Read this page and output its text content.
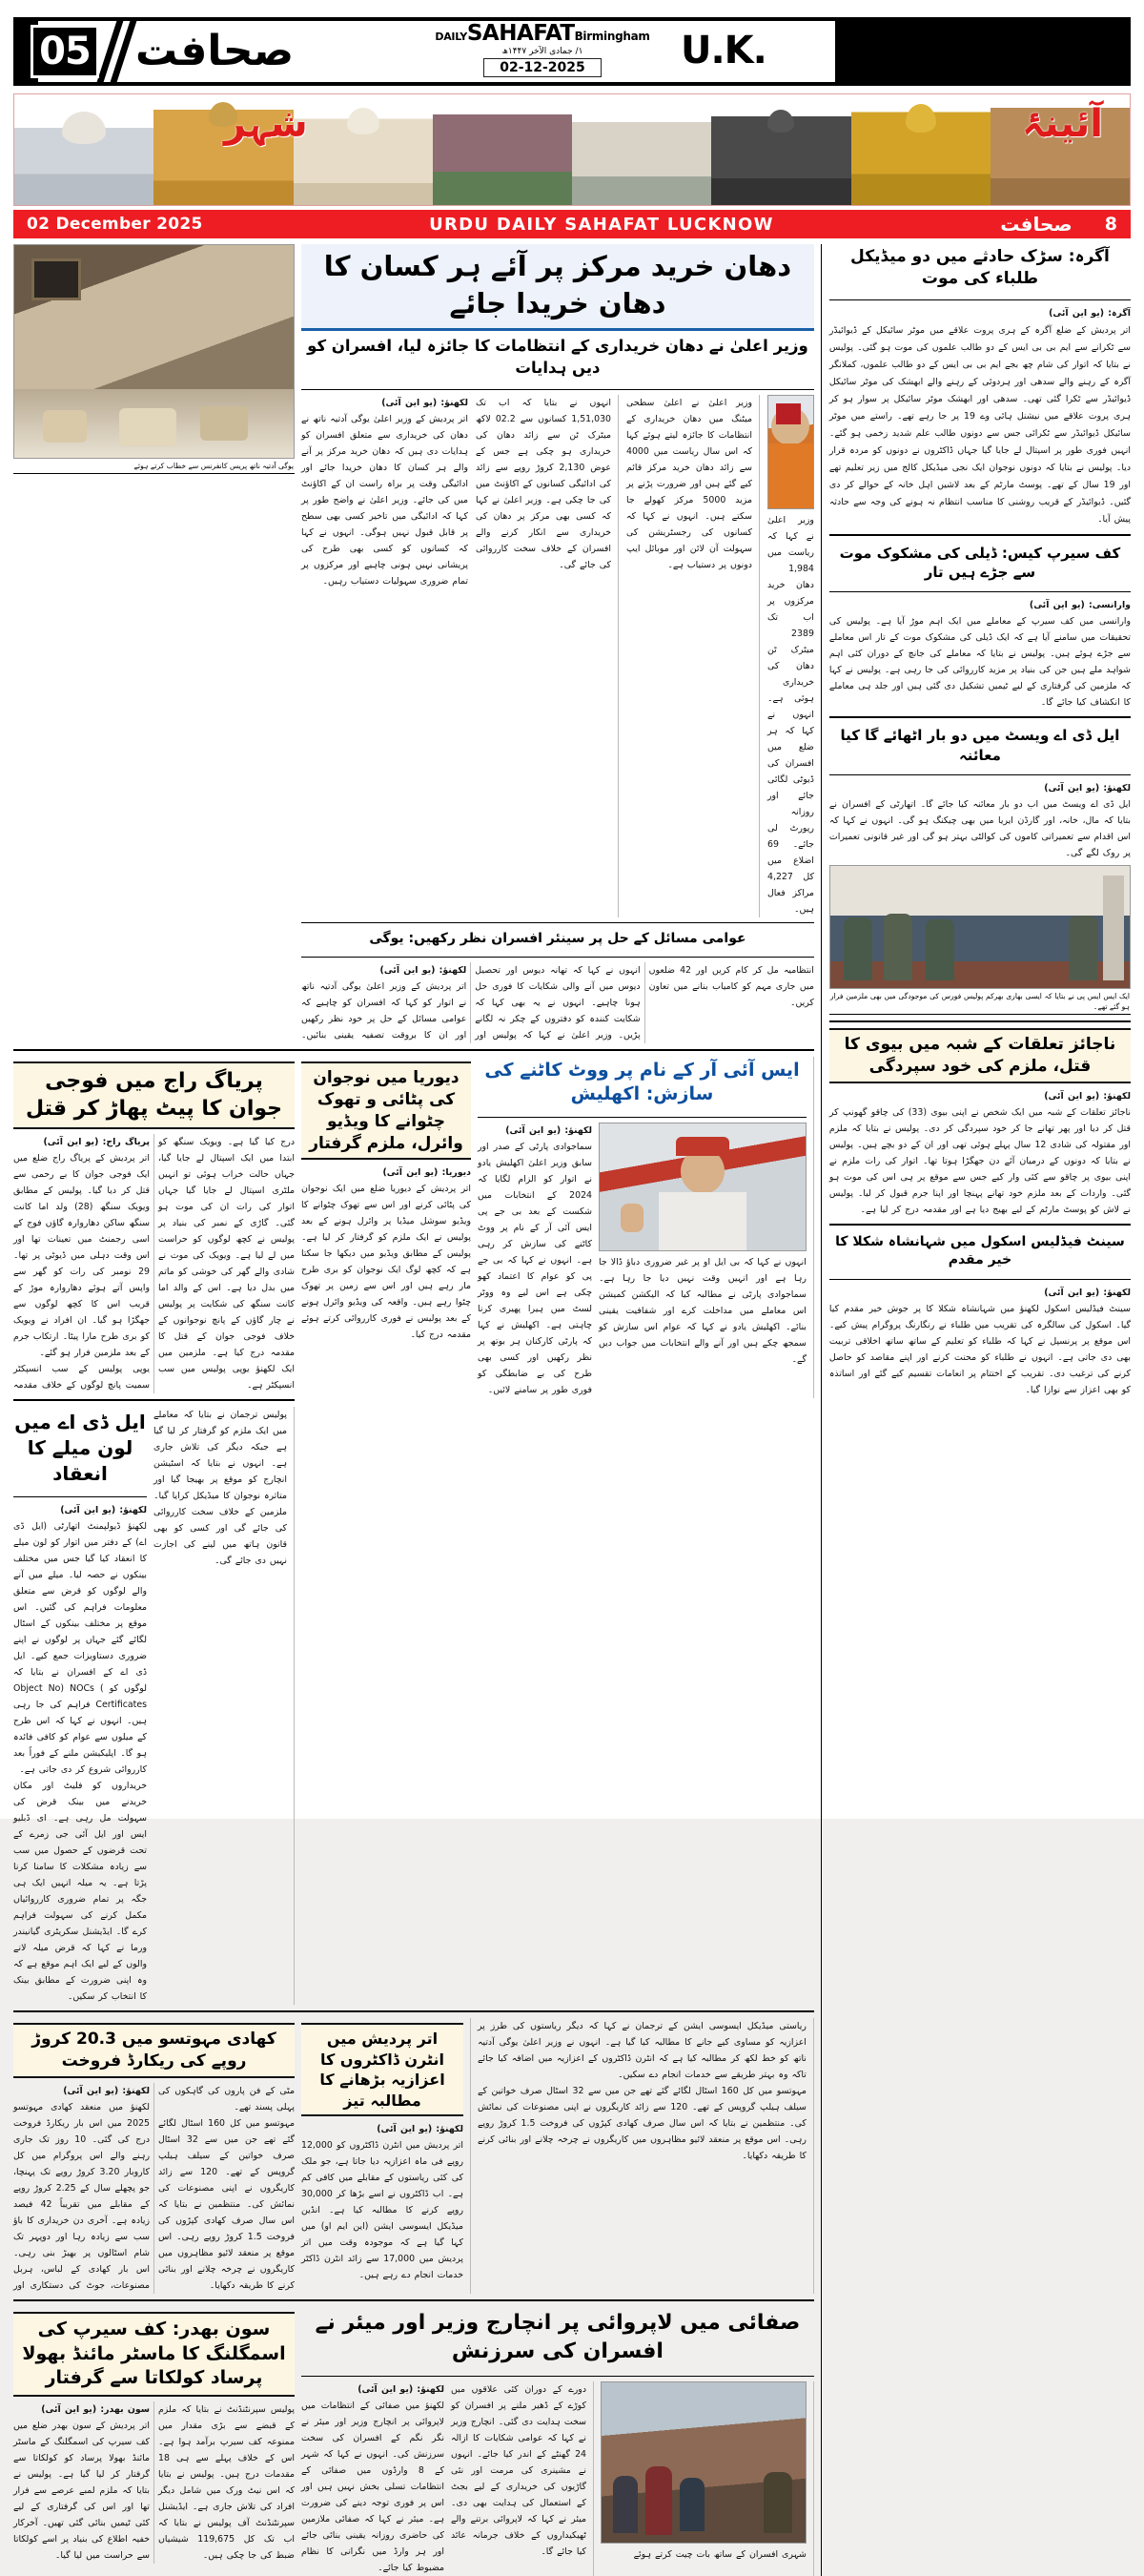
05 صحافت	DAILYSAHAFATBirmingham
۱/ جمادی الآخر ۱۴۴۷ھ
02-12-2025	U.K.
آئینۂ
شہر
02 December 2025	URDU DAILY SAHAFAT LUCKNOW	صحافت 8
یوگی آدتیہ ناتھ پریس کانفرنس سے خطاب کرتے ہوئے
دھان خرید مرکز پر آئے ہر کسان کا دھان خریدا جائے
وزیر اعلیٰ نے دھان خریداری کے انتظامات کا جائزہ لیا، افسران کو دیں ہدایات
لکھنؤ: (یو این آئی)
اتر پردیش کے وزیر اعلیٰ یوگی آدتیہ ناتھ نے دھان کی خریداری سے متعلق افسران کو ہدایات دی ہیں کہ دھان خرید مرکز پر آنے والے ہر کسان کا دھان خریدا جائے اور ادائیگی وقت پر براہ راست ان کے اکاؤنٹ میں کی جائے۔ وزیر اعلیٰ نے واضح طور پر کہا کہ ادائیگی میں تاخیر کسی بھی سطح پر قابل قبول نہیں ہوگی۔ انہوں نے کہا کہ کسانوں کو کسی بھی طرح کی پریشانی نہیں ہونی چاہیے اور مرکزوں پر تمام ضروری سہولیات دستیاب رہیں۔
انہوں نے بتایا کہ اب تک 1,51,030 کسانوں سے 02.2 لاکھ میٹرک ٹن سے زائد دھان کی خریداری ہو چکی ہے جس کے عوض 2,130 کروڑ روپے سے زائد کی ادائیگی کسانوں کے اکاؤنٹ میں کی جا چکی ہے۔ وزیر اعلیٰ نے کہا کہ کسی بھی مرکز پر دھان کی خریداری سے انکار کرنے والے افسران کے خلاف سخت کارروائی کی جائے گی۔
وزیر اعلیٰ نے اعلیٰ سطحی میٹنگ میں دھان خریداری کے انتظامات کا جائزہ لیتے ہوئے کہا کہ اس سال ریاست میں 4000 سے زائد دھان خرید مرکز قائم کیے گئے ہیں اور ضرورت پڑنے پر مزید 5000 مرکز کھولے جا سکتے ہیں۔ انہوں نے کہا کہ کسانوں کی رجسٹریشن کی سہولت آن لائن اور موبائل ایپ دونوں پر دستیاب ہے۔
وزیر اعلیٰ نے کہا کہ ریاست میں 1,984 دھان خرید مرکزوں پر اب تک 2389 میٹرک ٹن دھان کی خریداری ہوئی ہے۔ انہوں نے کہا کہ ہر ضلع میں افسران کی ڈیوٹی لگائی جائے اور روزانہ رپورٹ لی جائے۔ 69 اضلاع میں کل 4,227 مراکز فعال ہیں۔
عوامی مسائل کے حل پر سینئر افسران نظر رکھیں: یوگی
لکھنؤ: (یو این آئی)
اتر پردیش کے وزیر اعلیٰ یوگی آدتیہ ناتھ نے اتوار کو کہا کہ افسران کو چاہیے کہ عوامی مسائل کے حل پر خود نظر رکھیں اور ان کا بروقت تصفیہ یقینی بنائیں۔ انہوں نے کہا کہ تھانہ دیوس اور تحصیل دیوس میں آنے والی شکایات کا فوری حل ہونا چاہیے۔ انہوں نے یہ بھی کہا کہ شکایت کنندہ کو دفتروں کے چکر نہ لگانے پڑیں۔ وزیر اعلیٰ نے کہا کہ پولیس اور انتظامیہ مل کر کام کریں اور 42 ضلعوں میں جاری مہم کو کامیاب بنانے میں تعاون کریں۔
پریاگ راج میں فوجی جوان کا پیٹ پھاڑ کر قتل
پریاگ راج: (یو این آئی)
اتر پردیش کے پریاگ راج ضلع میں ایک فوجی جوان کا بے رحمی سے قتل کر دیا گیا۔ پولیس کے مطابق ویویک سنگھ (28) ولد اما کانت سنگھ ساکن دھاروارہ گاؤں فوج کے اسی رجمنٹ میں تعینات تھا اور اس وقت دہلی میں ڈیوٹی پر تھا۔ 29 نومبر کی رات کو گھر سے واپس آتے ہوئے دھاروارہ موڑ کے قریب اس کا کچھ لوگوں سے جھگڑا ہو گیا۔ ان افراد نے ویویک کو بری طرح مارا پیٹا۔ ارتکاب جرم کے بعد ملزمین فرار ہو گئے۔
یوپی پولیس کے سب انسپکٹر سمیت پانچ لوگوں کے خلاف مقدمہ درج کیا گیا ہے۔ ویویک سنگھ کو ابتدا میں ایک اسپتال لے جایا گیا، جہاں حالت خراب ہوئی تو انہیں ملٹری اسپتال لے جایا گیا جہاں اتوار کی رات ان کی موت ہو گئی۔ گاڑی کے نمبر کی بنیاد پر پولیس نے کچھ لوگوں کو حراست میں لے لیا ہے۔ ویویک کی موت نے شادی والے گھر کی خوشی کو ماتم میں بدل دیا ہے۔ اس کے والد اما کانت سنگھ کی شکایت پر پولیس نے چار گاؤں کے پانچ نوجوانوں کے خلاف فوجی جوان کے قتل کا مقدمہ درج کیا ہے۔ ملزمین میں ایک لکھنؤ یوپی پولیس میں سب انسپکٹر ہے۔
ایل ڈی اے میں لون میلے کا انعقاد
لکھنؤ: (یو این آئی)
لکھنؤ ڈیولپمنٹ اتھارٹی (ایل ڈی اے) کے دفتر میں اتوار کو لون میلے کا انعقاد کیا گیا جس میں مختلف بینکوں نے حصہ لیا۔ میلے میں آنے والے لوگوں کو قرض سے متعلق معلومات فراہم کی گئیں۔ اس موقع پر مختلف بینکوں کے اسٹال لگائے گئے جہاں پر لوگوں نے اپنے ضروری دستاویزات جمع کیے۔ ایل ڈی اے کے افسران نے بتایا کہ لوگوں کو Object No) NOCs ( Certificates فراہم کی جا رہی ہیں۔ انہوں نے کہا کہ اس طرح کے میلوں سے عوام کو کافی فائدہ ہو گا۔ اپلیکیشن ملنے کے فوراً بعد کارروائی شروع کر دی جاتی ہے۔
خریداروں کو فلیٹ اور مکان خریدنے میں بینک قرض کی سہولت مل رہی ہے۔ ای ڈبلیو ایس اور ایل آئی جی زمرے کے تحت قرضوں کے حصول میں سب سے زیادہ مشکلات کا سامنا کرنا پڑتا ہے۔ یہ میلہ انہیں ایک ہی جگہ پر تمام ضروری کارروائیاں مکمل کرنے کی سہولت فراہم کرے گا۔ ایڈیشنل سکریٹری گیانیندر ورما نے کہا کہ قرض میلہ لانے والوں کے لیے ایک اہم موقع ہے کہ وہ اپنی ضرورت کے مطابق بینک کا انتخاب کر سکیں۔
پولیس ترجمان نے بتایا کہ معاملے میں ایک ملزم کو گرفتار کر لیا گیا ہے جبکہ دیگر کی تلاش جاری ہے۔ انہوں نے بتایا کہ اسٹیشن انچارج کو موقع پر بھیجا گیا اور متاثرہ نوجوان کا میڈیکل کرایا گیا۔ ملزمین کے خلاف سخت کارروائی کی جائے گی اور کسی کو بھی قانون ہاتھ میں لینے کی اجازت نہیں دی جائے گی۔
دیوریا میں نوجوان کی پٹائی و تھوک چٹوانے کا ویڈیو وائرل، ملزم گرفتار
دیوریا: (یو این آئی)
اتر پردیش کے دیوریا ضلع میں ایک نوجوان کی پٹائی کرنے اور اس سے تھوک چٹوانے کا ویڈیو سوشل میڈیا پر وائرل ہونے کے بعد پولیس نے ایک ملزم کو گرفتار کر لیا ہے۔ پولیس کے مطابق ویڈیو میں دیکھا جا سکتا ہے کہ کچھ لوگ ایک نوجوان کو بری طرح مار رہے ہیں اور اس سے زمین پر تھوک چٹوا رہے ہیں۔ واقعہ کی ویڈیو وائرل ہونے کے بعد پولیس نے فوری کارروائی کرتے ہوئے مقدمہ درج کیا۔
ایس آئی آر کے نام پر ووٹ کاٹنے کی سازش: اکھلیش
لکھنؤ: (یو این آئی)
سماجوادی پارٹی کے صدر اور سابق وزیر اعلیٰ اکھلیش یادو نے اتوار کو الزام لگایا کہ 2024 کے انتخابات میں شکست کے بعد بی جے پی ایس آئی آر کے نام پر ووٹ کاٹنے کی سازش کر رہی ہے۔ انہوں نے کہا کہ بی جے پی کو عوام کا اعتماد کھو چکی ہے اس لیے وہ ووٹر لسٹ میں ہیرا پھیری کرنا چاہتی ہے۔ اکھلیش نے کہا کہ پارٹی کارکنان ہر بوتھ پر نظر رکھیں اور کسی بھی طرح کی بے ضابطگی کو فوری طور پر سامنے لائیں۔
انہوں نے کہا کہ بی ایل او پر غیر ضروری دباؤ ڈالا جا رہا ہے اور انہیں وقت نہیں دیا جا رہا ہے۔ سماجوادی پارٹی نے مطالبہ کیا کہ الیکشن کمیشن اس معاملے میں مداخلت کرے اور شفافیت یقینی بنائے۔ اکھلیش یادو نے کہا کہ عوام اس سازش کو سمجھ چکے ہیں اور آنے والے انتخابات میں جواب دیں گے۔
کھادی مہوتسو میں 20.3 کروڑ روپے کی ریکارڈ فروخت
لکھنؤ: (یو این آئی)
لکھنؤ میں منعقد کھادی مہوتسو 2025 میں اس بار ریکارڈ فروخت درج کی گئی۔ 10 روز تک جاری رہنے والے اس پروگرام میں کل کاروبار 3.20 کروڑ روپے تک پہنچا، جو پچھلے سال کے 2.25 کروڑ روپے کے مقابلے میں تقریباً 42 فیصد زیادہ ہے۔ آخری دن خریداری کا باؤ سب سے زیادہ رہا اور دوپہر تک شام اسٹالوں پر بھیڑ بنی رہی۔ اس بار کھادی کے لباس، ہربل مصنوعات، جوٹ کی دستکاری اور مٹی کے فن پاروں کی گاہکوں کی پہلی پسند تھے۔
مہوتسو میں کل 160 اسٹال لگائے گئے تھے جن میں سے 32 اسٹال صرف خواتین کے سیلف ہیلپ گروپس کے تھے۔ 120 سے زائد کاریگروں نے اپنی مصنوعات کی نمائش کی۔ منتظمین نے بتایا کہ اس سال صرف کھادی کپڑوں کی فروخت 1.5 کروڑ روپے رہی۔ اس موقع پر منعقد لائیو مظاہروں میں کاریگروں نے چرخہ چلانے اور بنائی کرنے کا طریقہ دکھایا۔
اتر پردیش میں انٹرن ڈاکٹروں کا اعزازیہ بڑھانے کا مطالبہ تیز
لکھنؤ: (یو این آئی)
اتر پردیش میں انٹرن ڈاکٹروں کو 12,000 روپے فی ماہ اعزازیہ دیا جاتا ہے، جو ملک کی کئی ریاستوں کے مقابلے میں کافی کم ہے۔ اب ڈاکٹروں نے اسے بڑھا کر 30,000 روپے کرنے کا مطالبہ کیا ہے۔ انڈین میڈیکل ایسوسی ایشن (این ایم او) میں کہا گیا ہے کہ موجودہ وقت میں اتر پردیش میں 17,000 سے زائد انٹرن ڈاکٹر خدمات انجام دے رہے ہیں۔
ریاستی میڈیکل ایسوسی ایشن کے ترجمان نے کہا کہ دیگر ریاستوں کی طرز پر اعزازیہ کو مساوی کیے جانے کا مطالبہ کیا گیا ہے۔ انہوں نے وزیر اعلیٰ یوگی آدتیہ ناتھ کو خط لکھ کر مطالبہ کیا ہے کہ انٹرن ڈاکٹروں کے اعزازیہ میں اضافہ کیا جائے تاکہ وہ بہتر طریقے سے خدمات انجام دے سکیں۔
مہوتسو میں کل 160 اسٹال لگائے گئے تھے جن میں سے 32 اسٹال صرف خواتین کے سیلف ہیلپ گروپس کے تھے۔ 120 سے زائد کاریگروں نے اپنی مصنوعات کی نمائش کی۔ منتظمین نے بتایا کہ اس سال صرف کھادی کپڑوں کی فروخت 1.5 کروڑ روپے رہی۔ اس موقع پر منعقد لائیو مظاہروں میں کاریگروں نے چرخہ چلانے اور بنائی کرنے کا طریقہ دکھایا۔
سون بھدر: کف سیرپ کی اسمگلنگ کا ماسٹر مائنڈ بھولا پرساد کولکاتا سے گرفتار
سون بھدر: (یو این آئی)
اتر پردیش کے سون بھدر ضلع میں کف سیرپ کی اسمگلنگ کے ماسٹر مائنڈ بھولا پرساد کو کولکاتا سے گرفتار کر لیا گیا ہے۔ پولیس نے بتایا کہ ملزم لمبے عرصے سے فرار تھا اور اس کی گرفتاری کے لیے کئی ٹیمیں بنائی گئی تھیں۔ آخرکار خفیہ اطلاع کی بنیاد پر اسے کولکاتا سے حراست میں لیا گیا۔
پولیس سپرنٹنڈنٹ نے بتایا کہ ملزم کے قبضے سے بڑی مقدار میں ممنوعہ کف سیرپ برآمد ہوا ہے۔ اس کے خلاف پہلے سے ہی 18 مقدمات درج ہیں۔ پولیس نے بتایا کہ اس نیٹ ورک میں شامل دیگر افراد کی تلاش جاری ہے۔ ایڈیشنل سپرنٹنڈنٹ آف پولیس نے بتایا کہ اب تک کل 119,675 شیشیاں ضبط کی جا چکی ہیں۔
صفائی میں لاپروائی پر انچارج وزیر اور میئر نے افسران کی سرزنش
لکھنؤ: (یو این آئی)
لکھنؤ میں صفائی کے انتظامات میں لاپروائی پر انچارج وزیر اور میئر نے نگر نگم کے افسران کی سخت سرزنش کی۔ انہوں نے کہا کہ شہر کے 8 وارڈوں میں صفائی کے انتظامات تسلی بخش نہیں ہیں اور اس پر فوری توجہ دینے کی ضرورت ہے۔ میئر نے کہا کہ صفائی ملازمین کی حاضری روزانہ یقینی بنائی جائے اور ہر وارڈ میں نگرانی کا نظام مضبوط کیا جائے۔
دورے کے دوران کئی علاقوں میں کوڑے کے ڈھیر ملنے پر افسران کو سخت ہدایت دی گئی۔ انچارج وزیر نے کہا کہ عوامی شکایات کا ازالہ 24 گھنٹے کے اندر کیا جائے۔ انہوں نے مشینری کی مرمت اور نئی گاڑیوں کی خریداری کے لیے بجٹ کے استعمال کی ہدایت بھی دی۔ میئر نے کہا کہ لاپروائی برتنے والے ٹھیکیداروں کے خلاف جرمانہ عائد کیا جائے گا۔	شہری افسران کے ساتھ بات چیت کرتے ہوئے
آگرہ: سڑک حادثے میں دو میڈیکل طلباء کی موت
آگرہ: (یو این آئی)
اتر پردیش کے ضلع آگرہ کے ہری پروت علاقے میں موٹر سائیکل کے ڈیوائیڈر سے ٹکرانے سے ایم بی بی ایس کے دو طالب علموں کی موت ہو گئی۔ پولیس نے بتایا کہ اتوار کی شام چھ بجے ایم بی بی ایس کے دو طالب علموں، کملانگر آگرہ کے رہنے والے سدھی اور ہردوئی کے رہنے والے ابھشک کی موٹر سائیکل ڈیوائیڈر سے ٹکرا گئی تھی۔ سدھی اور ابھشک موٹر سائیکل پر سوار ہو کر ہری پروت علاقے میں نیشنل ہائی وے 19 پر جا رہے تھے۔ راستے میں موٹر سائیکل ڈیوائیڈر سے ٹکرائی جس سے دونوں طالب علم شدید زخمی ہو گئے۔ انہیں فوری طور پر اسپتال لے جایا گیا جہاں ڈاکٹروں نے دونوں کو مردہ قرار دیا۔ پولیس نے بتایا کہ دونوں نوجوان ایک نجی میڈیکل کالج میں زیر تعلیم تھے اور 19 سال کے تھے۔ پوسٹ مارٹم کے بعد لاشیں اہل خانہ کے حوالے کر دی گئیں۔ ڈیوائیڈر کے قریب روشنی کا مناسب انتظام نہ ہونے کی وجہ سے حادثہ پیش آیا۔
کف سیرپ کیس: ڈیلی کی مشکوک موت سے جڑے ہیں تار
وارانسی: (یو این آئی)
وارانسی میں کف سیرپ کے معاملے میں ایک اہم موڑ آیا ہے۔ پولیس کی تحقیقات میں سامنے آیا ہے کہ ایک ڈیلی کی مشکوک موت کے تار اس معاملے سے جڑے ہوئے ہیں۔ پولیس نے بتایا کہ معاملے کی جانچ کے دوران کئی اہم شواہد ملے ہیں جن کی بنیاد پر مزید کارروائی کی جا رہی ہے۔ پولیس نے کہا کہ ملزمین کی گرفتاری کے لیے ٹیمیں تشکیل دی گئی ہیں اور جلد ہی معاملے کا انکشاف کیا جائے گا۔
ایل ڈی اے ویسٹ میں دو بار اٹھائے گا کیا معائنہ
لکھنؤ: (یو این آئی)
ایل ڈی اے ویسٹ میں اب دو بار معائنہ کیا جائے گا۔ اتھارٹی کے افسران نے بتایا کہ مال، خانہ، اور گارڈن ایریا میں بھی چیکنگ ہو گی۔ انہوں نے کہا کہ اس اقدام سے تعمیراتی کاموں کی کوالٹی بہتر ہو گی اور غیر قانونی تعمیرات پر روک لگے گی۔
ایک ایس ایس پی نے بتایا کہ ایسی بھاری بھرکم پولیس فورس کی موجودگی میں بھی ملزمین فرار ہو گئے تھے۔
ناجائز تعلقات کے شبہ میں بیوی کا قتل، ملزم کی خود سپردگی
لکھنؤ: (یو این آئی)
ناجائز تعلقات کے شبہ میں ایک شخص نے اپنی بیوی (33) کی چاقو گھونپ کر قتل کر دیا اور پھر تھانے جا کر خود سپردگی کر دی۔ پولیس نے بتایا کہ ملزم اور مقتولہ کی شادی 12 سال پہلے ہوئی تھی اور ان کے دو بچے ہیں۔ پولیس نے بتایا کہ دونوں کے درمیان آئے دن جھگڑا ہوتا تھا۔ اتوار کی رات ملزم نے اپنی بیوی پر چاقو سے کئی وار کیے جس سے موقع پر ہی اس کی موت ہو گئی۔ واردات کے بعد ملزم خود تھانے پہنچا اور اپنا جرم قبول کر لیا۔ پولیس نے لاش کو پوسٹ مارٹم کے لیے بھیج دیا ہے اور مقدمہ درج کر لیا ہے۔
سینٹ فیڈلیس اسکول میں شہانشاہ شکلا کا خیر مقدم
لکھنؤ: (یو این آئی)
سینٹ فیڈلیس اسکول لکھنؤ میں شہانشاہ شکلا کا پر جوش خیر مقدم کیا گیا۔ اسکول کی سالگرہ کی تقریب میں طلباء نے رنگارنگ پروگرام پیش کیے۔ اس موقع پر پرنسپل نے کہا کہ طلباء کو تعلیم کے ساتھ ساتھ اخلاقی تربیت بھی دی جاتی ہے۔ انہوں نے طلباء کو محنت کرنے اور اپنے مقاصد کو حاصل کرنے کی ترغیب دی۔ تقریب کے اختتام پر انعامات تقسیم کیے گئے اور اساتذہ کو بھی اعزاز سے نوازا گیا۔
